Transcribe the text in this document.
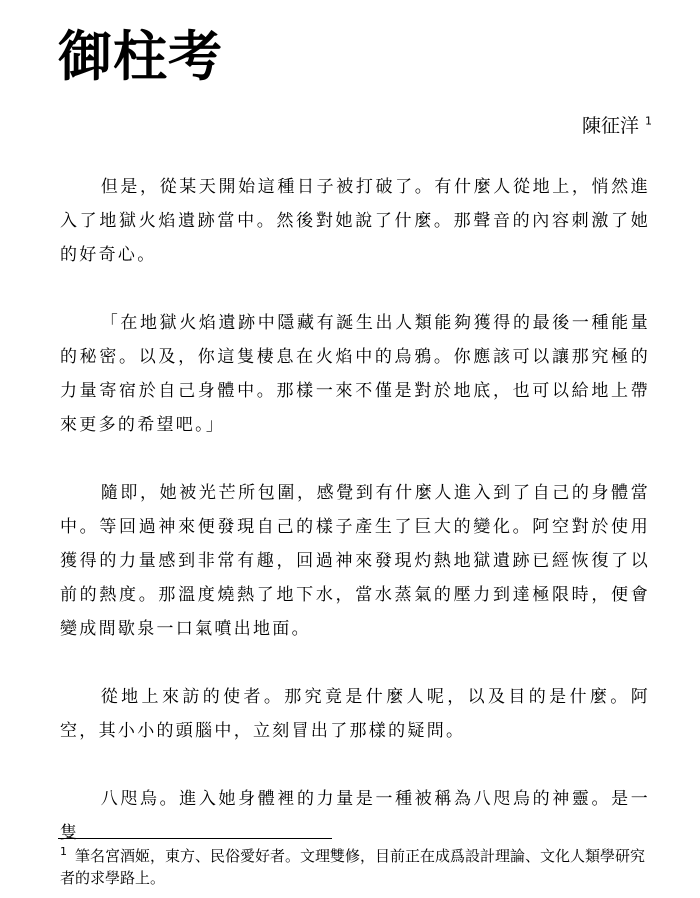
御柱考
陳征洋 $^1$

但是，從某天開始這種日子被打破了。有什麼人從地上，悄然進入了地獄火焰遺跡當中。然後對她說了什麼。那聲音的內容刺激了她的好奇心。

「在地獄火焰遺跡中隱藏有誕生出人類能夠獲得的最後一種能量的秘密。以及，你這隻棲息在火焰中的烏鴉。你應該可以讓那究極的力量寄宿於自己身體中。那樣一來不僅是對於地底，也可以給地上帶來更多的希望吧。」

隨即，她被光芒所包圍，感覺到有什麼人進入到了自己的身體當中。等回過神來便發現自己的樣子產生了巨大的變化。阿空對於使用獲得的力量感到非常有趣，回過神來發現灼熱地獄遺跡已經恢復了以前的熱度。那溫度燒熱了地下水，當水蒸氣的壓力到達極限時，便會變成間歇泉一口氣噴出地面。

從地上來訪的使者。那究竟是什麼人呢，以及目的是什麼。阿空，其小小的頭腦中，立刻冒出了那樣的疑問。

八咫烏。進入她身體裡的力量是一種被稱為八咫烏的神靈。是一隻

$^1$ 筆名宮酒姬，東方、民俗愛好者。文理雙修，目前正在成爲設計理論、文化人類學研究者的求學路上。
